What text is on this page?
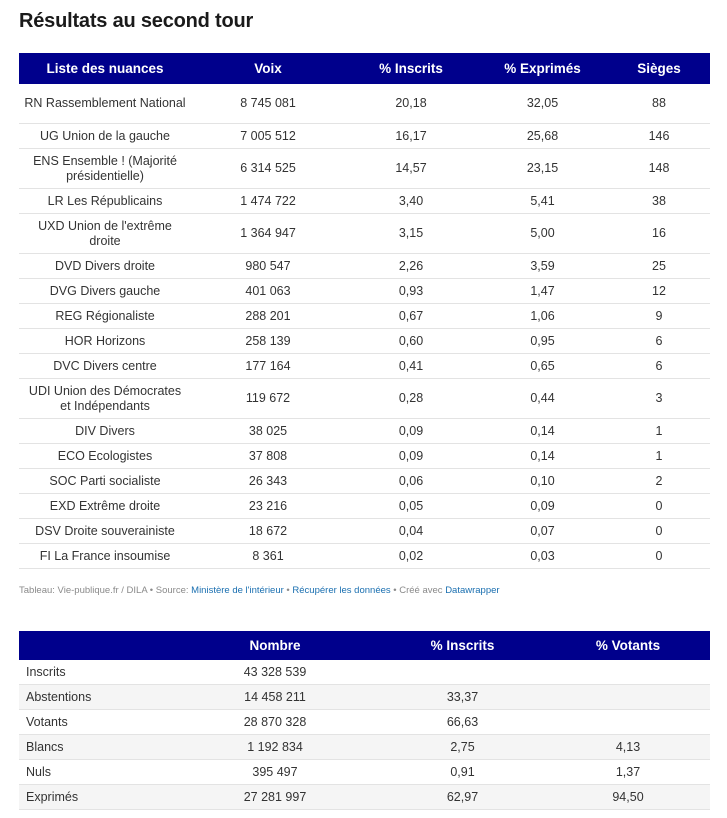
Résultats au second tour
Liste des nuances	Voix	% Inscrits	% Exprimés	Sièges
RN Rassemblement National	8 745 081	20,18	32,05	88
UG Union de la gauche	7 005 512	16,17	25,68	146
ENS Ensemble ! (Majorité présidentielle)	6 314 525	14,57	23,15	148
LR Les Républicains	1 474 722	3,40	5,41	38
UXD Union de l'extrême droite	1 364 947	3,15	5,00	16
DVD Divers droite	980 547	2,26	3,59	25
DVG Divers gauche	401 063	0,93	1,47	12
REG Régionaliste	288 201	0,67	1,06	9
HOR Horizons	258 139	0,60	0,95	6
DVC Divers centre	177 164	0,41	0,65	6
UDI Union des Démocrates et Indépendants	119 672	0,28	0,44	3
DIV Divers	38 025	0,09	0,14	1
ECO Ecologistes	37 808	0,09	0,14	1
SOC Parti socialiste	26 343	0,06	0,10	2
EXD Extrême droite	23 216	0,05	0,09	0
DSV Droite souverainiste	18 672	0,04	0,07	0
FI La France insoumise	8 361	0,02	0,03	0
Tableau: Vie-publique.fr / DILA • Source: Ministère de l'intérieur • Récupérer les données • Créé avec Datawrapper
	Nombre	% Inscrits	% Votants
Inscrits	43 328 539		
Abstentions	14 458 211	33,37	
Votants	28 870 328	66,63	
Blancs	1 192 834	2,75	4,13
Nuls	395 497	0,91	1,37
Exprimés	27 281 997	62,97	94,50
